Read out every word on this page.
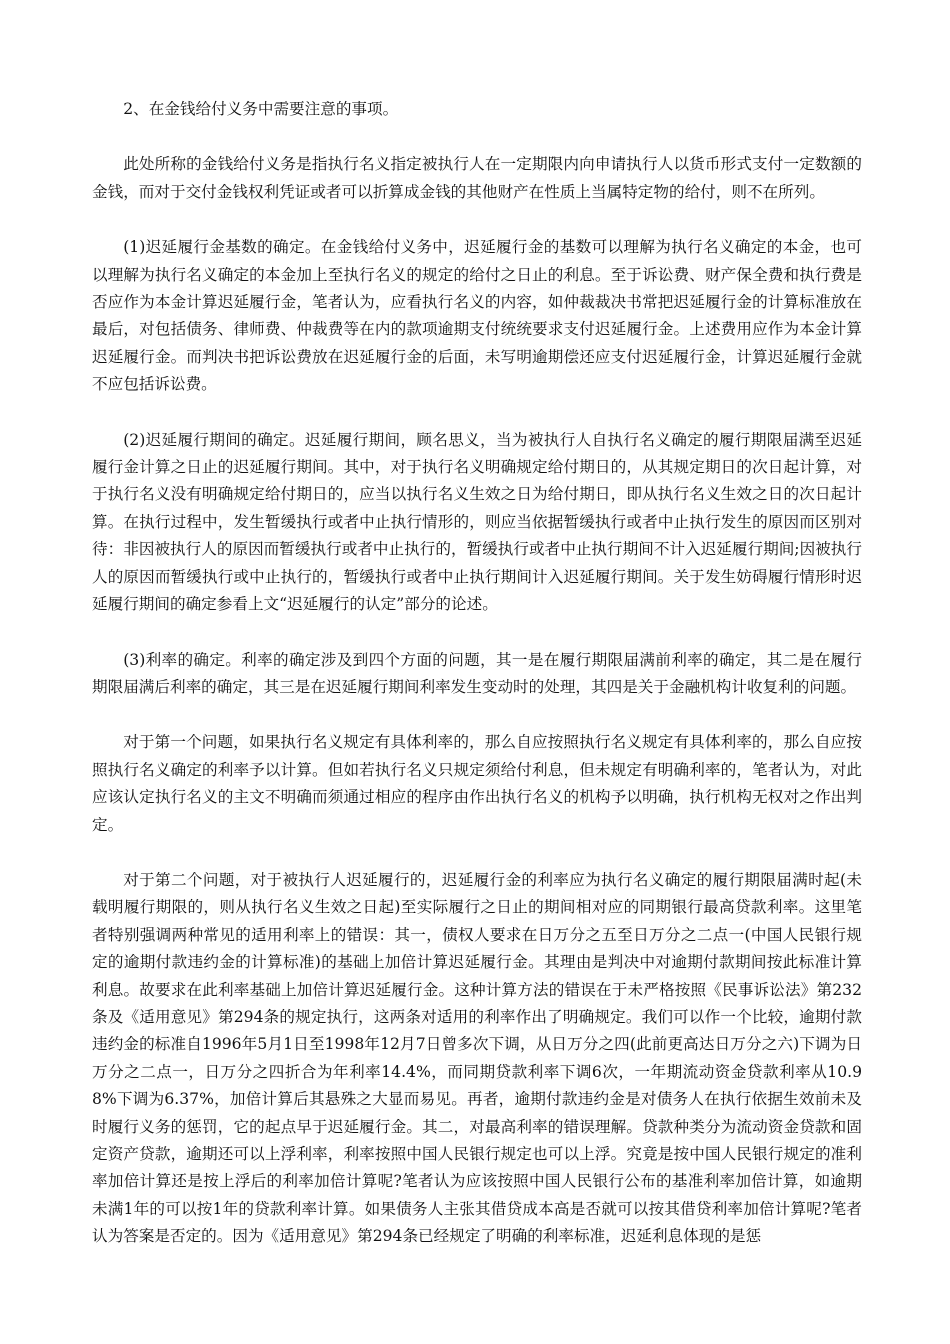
2、在金钱给付义务中需要注意的事项。

此处所称的金钱给付义务是指执行名义指定被执行人在一定期限内向申请执行人以货币形式支付一定数额的金钱，而对于交付金钱权利凭证或者可以折算成金钱的其他财产在性质上当属特定物的给付，则不在所列。

(1)迟延履行金基数的确定。在金钱给付义务中，迟延履行金的基数可以理解为执行名义确定的本金，也可以理解为执行名义确定的本金加上至执行名义的规定的给付之日止的利息。至于诉讼费、财产保全费和执行费是否应作为本金计算迟延履行金，笔者认为，应看执行名义的内容，如仲裁裁决书常把迟延履行金的计算标准放在最后，对包括债务、律师费、仲裁费等在内的款项逾期支付统统要求支付迟延履行金。上述费用应作为本金计算迟延履行金。而判决书把诉讼费放在迟延履行金的后面，未写明逾期偿还应支付迟延履行金，计算迟延履行金就不应包括诉讼费。

(2)迟延履行期间的确定。迟延履行期间，顾名思义，当为被执行人自执行名义确定的履行期限届满至迟延履行金计算之日止的迟延履行期间。其中，对于执行名义明确规定给付期日的，从其规定期日的次日起计算，对于执行名义没有明确规定给付期日的，应当以执行名义生效之日为给付期日，即从执行名义生效之日的次日起计算。在执行过程中，发生暂缓执行或者中止执行情形的，则应当依据暂缓执行或者中止执行发生的原因而区别对待：非因被执行人的原因而暂缓执行或者中止执行的，暂缓执行或者中止执行期间不计入迟延履行期间;因被执行人的原因而暂缓执行或中止执行的，暂缓执行或者中止执行期间计入迟延履行期间。关于发生妨碍履行情形时迟延履行期间的确定参看上文“迟延履行的认定”部分的论述。

(3)利率的确定。利率的确定涉及到四个方面的问题，其一是在履行期限届满前利率的确定，其二是在履行期限届满后利率的确定，其三是在迟延履行期间利率发生变动时的处理，其四是关于金融机构计收复利的问题。

对于第一个问题，如果执行名义规定有具体利率的，那么自应按照执行名义规定有具体利率的，那么自应按照执行名义确定的利率予以计算。但如若执行名义只规定须给付利息，但未规定有明确利率的，笔者认为，对此应该认定执行名义的主文不明确而须通过相应的程序由作出执行名义的机构予以明确，执行机构无权对之作出判定。

对于第二个问题，对于被执行人迟延履行的，迟延履行金的利率应为执行名义确定的履行期限届满时起(未载明履行期限的，则从执行名义生效之日起)至实际履行之日止的期间相对应的同期银行最高贷款利率。这里笔者特别强调两种常见的适用利率上的错误：其一，债权人要求在日万分之五至日万分之二点一(中国人民银行规定的逾期付款违约金的计算标准)的基础上加倍计算迟延履行金。其理由是判决中对逾期付款期间按此标准计算利息。故要求在此利率基础上加倍计算迟延履行金。这种计算方法的错误在于未严格按照《民事诉讼法》第232条及《适用意见》第294条的规定执行，这两条对适用的利率作出了明确规定。我们可以作一个比较，逾期付款违约金的标准自1996年5月1日至1998年12月7日曾多次下调，从日万分之四(此前更高达日万分之六)下调为日万分之二点一，日万分之四折合为年利率14.4%，而同期贷款利率下调6次，一年期流动资金贷款利率从10.98%下调为6.37%，加倍计算后其悬殊之大显而易见。再者，逾期付款违约金是对债务人在执行依据生效前未及时履行义务的惩罚，它的起点早于迟延履行金。其二，对最高利率的错误理解。贷款种类分为流动资金贷款和固定资产贷款，逾期还可以上浮利率，利率按照中国人民银行规定也可以上浮。究竟是按中国人民银行规定的准利率加倍计算还是按上浮后的利率加倍计算呢?笔者认为应该按照中国人民银行公布的基准利率加倍计算，如逾期未满1年的可以按1年的贷款利率计算。如果债务人主张其借贷成本高是否就可以按其借贷利率加倍计算呢?笔者认为答案是否定的。因为《适用意见》第294条已经规定了明确的利率标准，迟延利息体现的是惩
